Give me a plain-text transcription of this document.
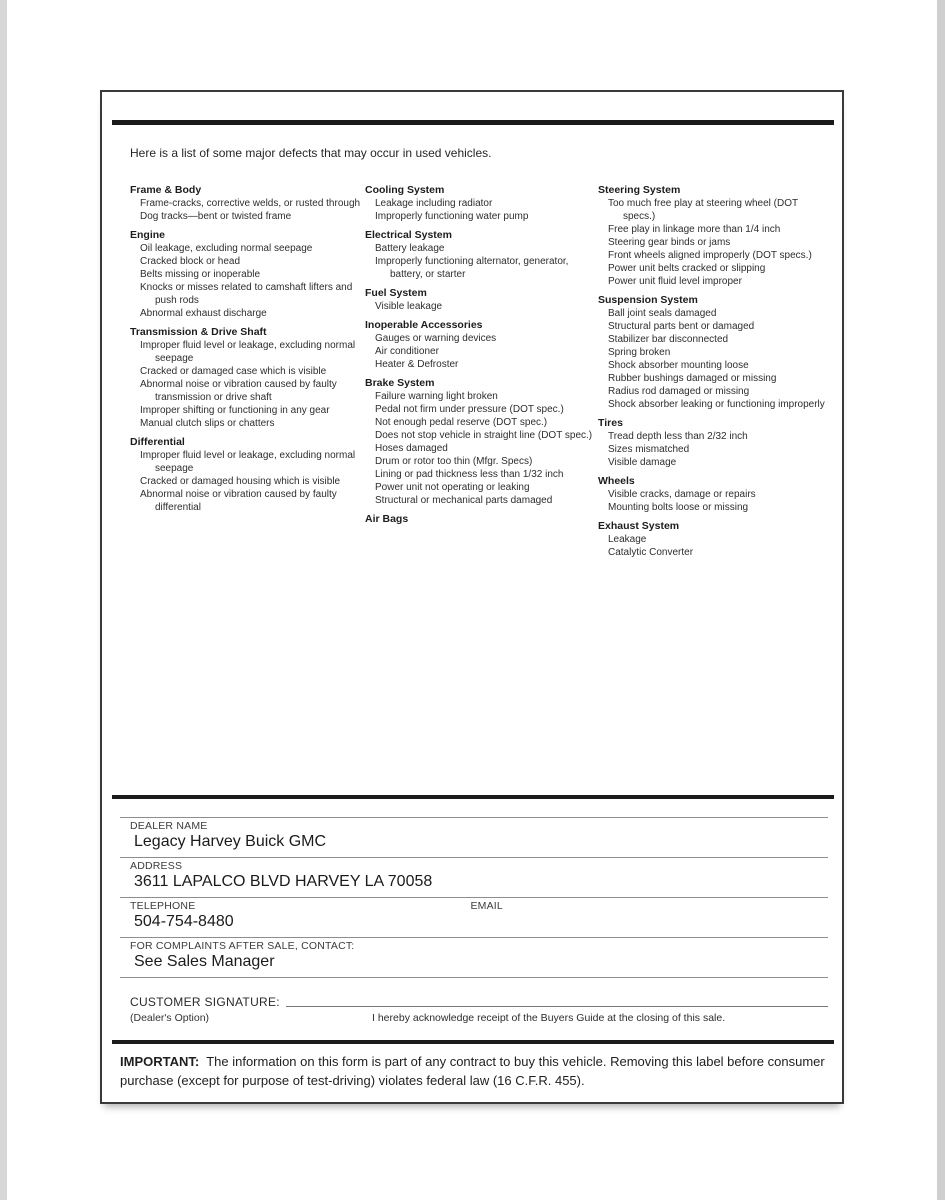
Here is a list of some major defects that may occur in used vehicles.
Frame & Body
Frame-cracks, corrective welds, or rusted through
Dog tracks—bent or twisted frame
Engine
Oil leakage, excluding normal seepage
Cracked block or head
Belts missing or inoperable
Knocks or misses related to camshaft lifters and push rods
Abnormal exhaust discharge
Transmission & Drive Shaft
Improper fluid level or leakage, excluding normal seepage
Cracked or damaged case which is visible
Abnormal noise or vibration caused by faulty transmission or drive shaft
Improper shifting or functioning in any gear
Manual clutch slips or chatters
Differential
Improper fluid level or leakage, excluding normal seepage
Cracked or damaged housing which is visible
Abnormal noise or vibration caused by faulty differential
Cooling System
Leakage including radiator
Improperly functioning water pump
Electrical System
Battery leakage
Improperly functioning alternator, generator, battery, or starter
Fuel System
Visible leakage
Inoperable Accessories
Gauges or warning devices
Air conditioner
Heater & Defroster
Brake System
Failure warning light broken
Pedal not firm under pressure (DOT spec.)
Not enough pedal reserve (DOT spec.)
Does not stop vehicle in straight line (DOT spec.)
Hoses damaged
Drum or rotor too thin (Mfgr. Specs)
Lining or pad thickness less than 1/32 inch
Power unit not operating or leaking
Structural or mechanical parts damaged
Air Bags
Steering System
Too much free play at steering wheel (DOT specs.)
Free play in linkage more than 1/4 inch
Steering gear binds or jams
Front wheels aligned improperly (DOT specs.)
Power unit belts cracked or slipping
Power unit fluid level improper
Suspension System
Ball joint seals damaged
Structural parts bent or damaged
Stabilizer bar disconnected
Spring broken
Shock absorber mounting loose
Rubber bushings damaged or missing
Radius rod damaged or missing
Shock absorber leaking or functioning improperly
Tires
Tread depth less than 2/32 inch
Sizes mismatched
Visible damage
Wheels
Visible cracks, damage or repairs
Mounting bolts loose or missing
Exhaust System
Leakage
Catalytic Converter
DEALER NAME
Legacy Harvey Buick GMC
ADDRESS
3611 LAPALCO BLVD HARVEY LA 70058
TELEPHONE
504-754-8480
EMAIL
FOR COMPLAINTS AFTER SALE, CONTACT:
See Sales Manager
CUSTOMER SIGNATURE:
(Dealer's Option)	I hereby acknowledge receipt of the Buyers Guide at the closing of this sale.
IMPORTANT: The information on this form is part of any contract to buy this vehicle. Removing this label before consumer purchase (except for purpose of test-driving) violates federal law (16 C.F.R. 455).
